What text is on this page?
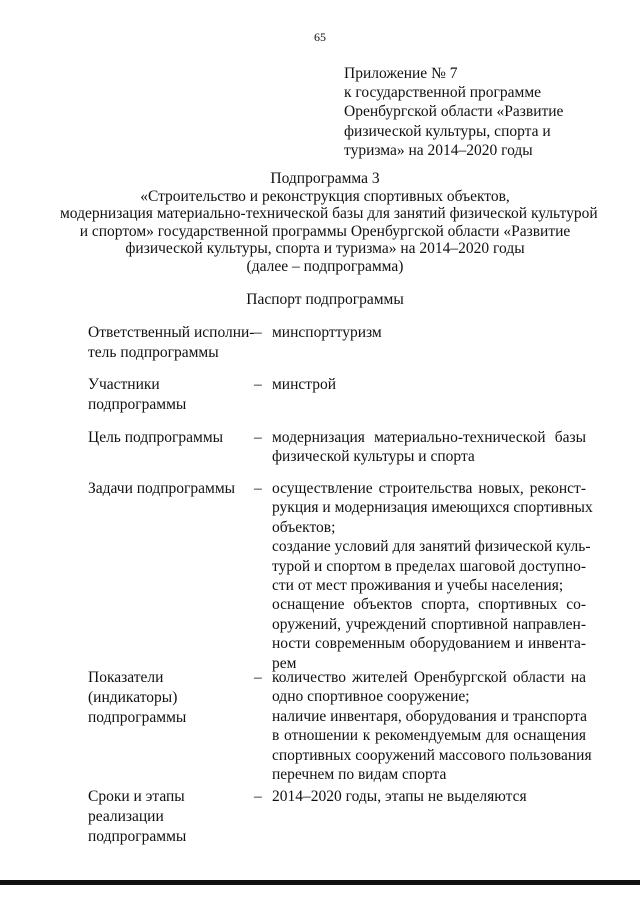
65
Приложение № 7
к государственной программе
Оренбургской области «Развитие
физической культуры, спорта и
туризма» на 2014–2020 годы
Подпрограмма 3
«Строительство и реконструкция спортивных объектов,
модернизация материально-технической базы для занятий физической культурой
и спортом» государственной программы Оренбургской области «Развитие
физической культуры, спорта и туризма» на 2014–2020 годы
(далее – подпрограмма)
Паспорт подпрограммы
Ответственный исполни-
тель подпрограммы
– минспорттуризм
Участники
подпрограммы
– минстрой
Цель подпрограммы	– модернизация материально-технической базы
физической культуры и спорта
Задачи подпрограммы	– осуществление строительства новых, реконст-
рукция и модернизация имеющихся спортивных
объектов;
создание условий для занятий физической куль-
турой и спортом в пределах шаговой доступно-
сти от мест проживания и учебы населения;
оснащение объектов спорта, спортивных со-
оружений, учреждений спортивной направлен-
ности современным оборудованием и инвента-
рем
Показатели
(индикаторы)
подпрограммы
– количество жителей Оренбургской области на
одно спортивное сооружение;
наличие инвентаря, оборудования и транспорта
в отношении к рекомендуемым для оснащения
спортивных сооружений массового пользования
перечнем по видам спорта
Сроки и этапы
реализации
подпрограммы
– 2014–2020 годы, этапы не выделяются
